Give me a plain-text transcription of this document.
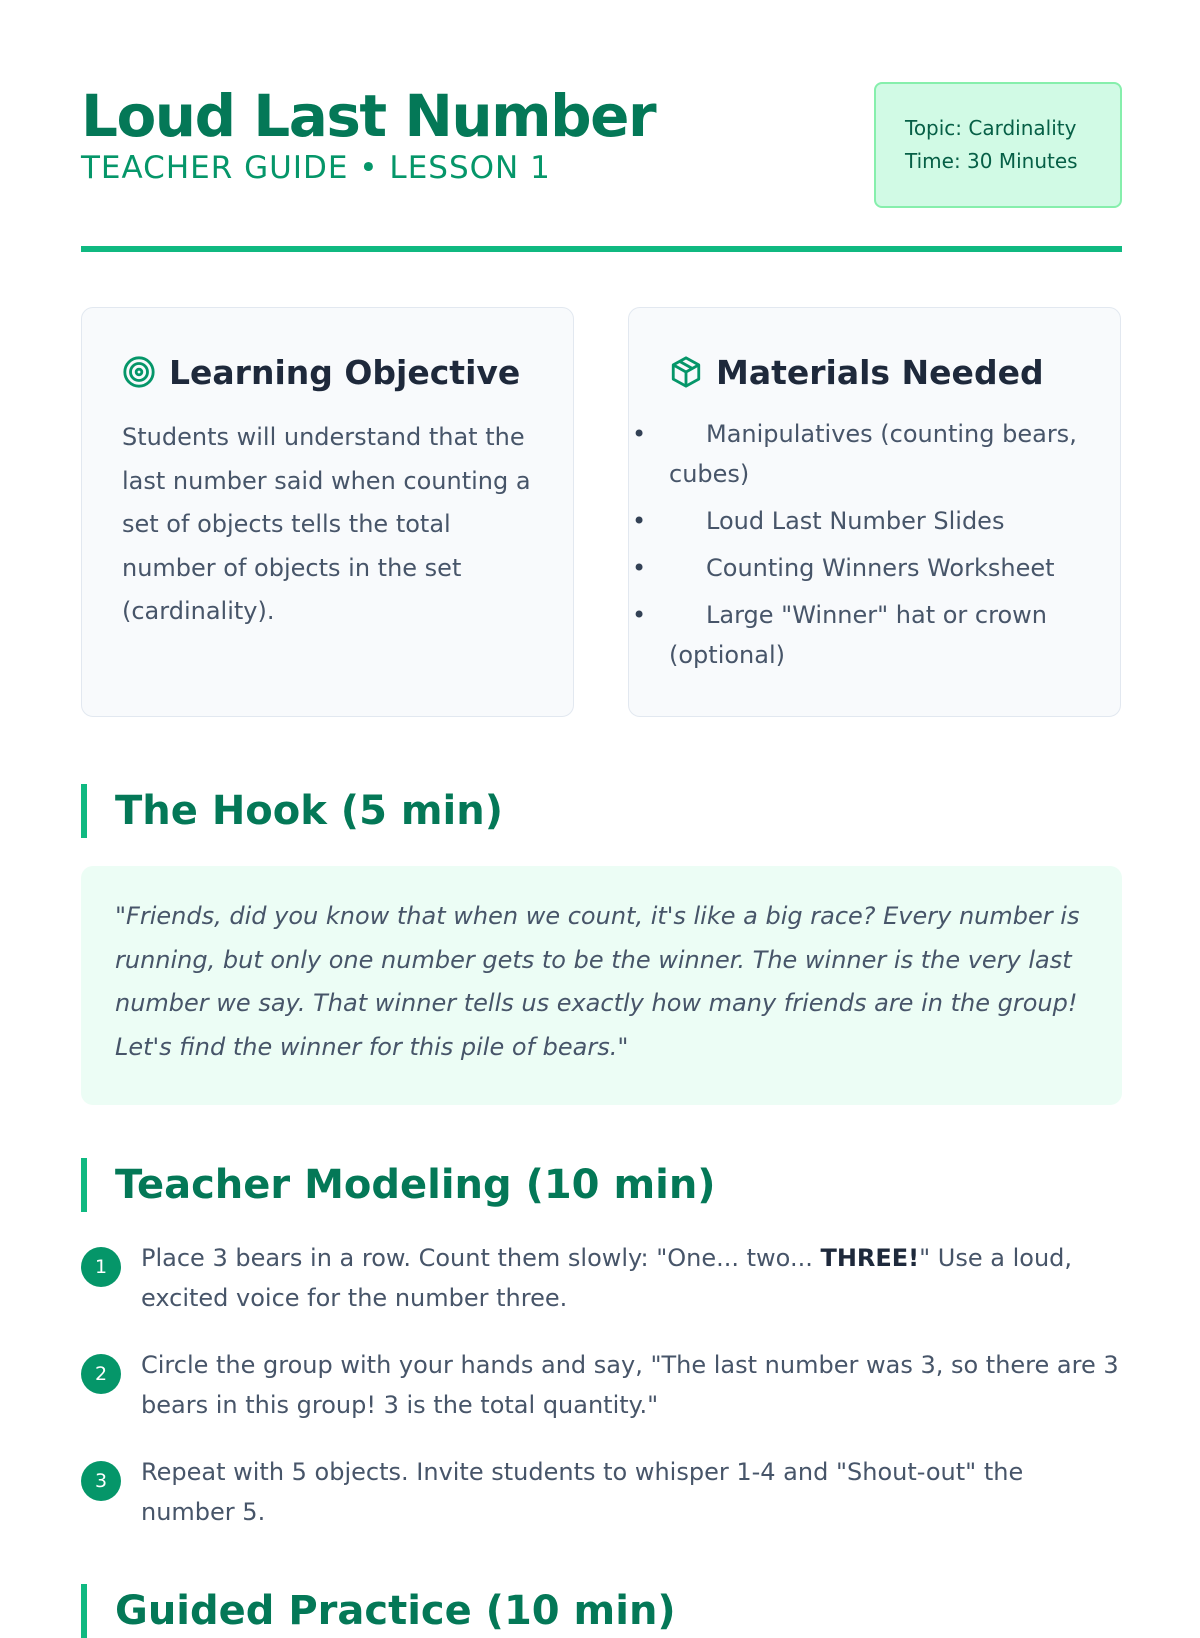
Loud Last Number
TEACHER GUIDE • LESSON 1
Topic: Cardinality
Time: 30 Minutes
Learning Objective

Students will understand that the last number said when counting a set of objects tells the total number of objects in the set (cardinality).

Materials Needed
• Manipulatives (counting bears, cubes)
• Loud Last Number Slides
• Counting Winners Worksheet
• Large "Winner" hat or crown (optional)
The Hook (5 min)
"Friends, did you know that when we count, it's like a big race? Every number is running, but only one number gets to be the winner. The winner is the very last number we say. That winner tells us exactly how many friends are in the group! Let's find the winner for this pile of bears."
Teacher Modeling (10 min)
1	Place 3 bears in a row. Count them slowly: "One... two... THREE!" Use a loud, excited voice for the number three.
2	Circle the group with your hands and say, "The last number was 3, so there are 3 bears in this group! 3 is the total quantity."
3	Repeat with 5 objects. Invite students to whisper 1-4 and "Shout-out" the number 5.
Guided Practice (10 min)
